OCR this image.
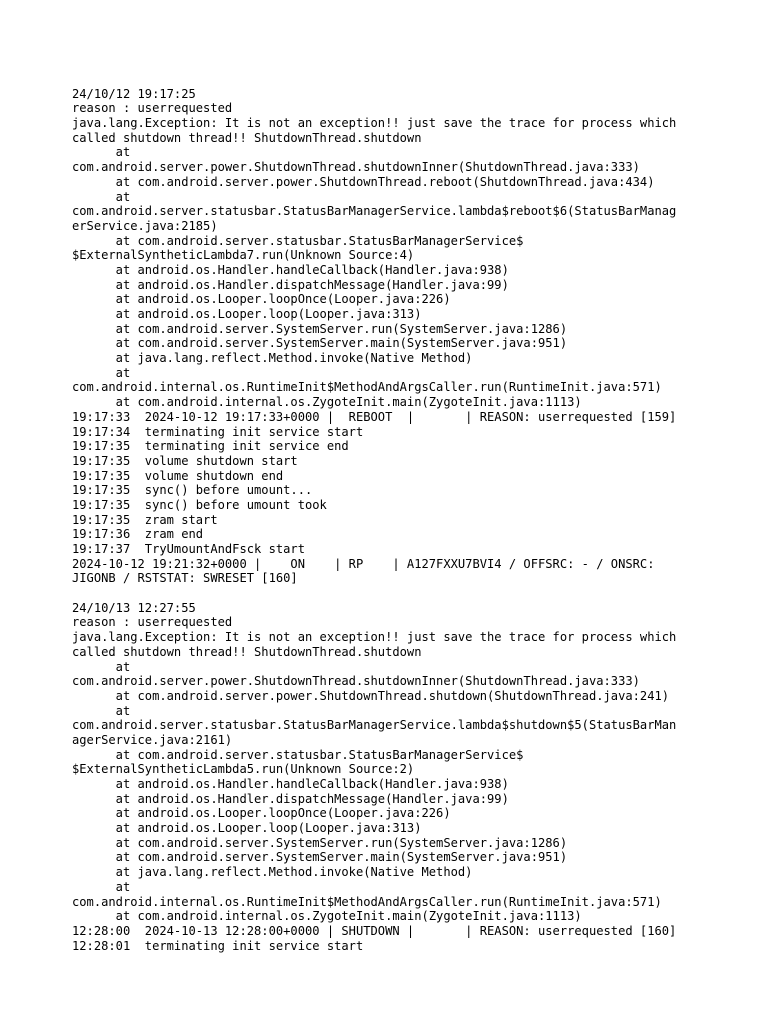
24/10/12 19:17:25
reason : userrequested
java.lang.Exception: It is not an exception!! just save the trace for process which
called shutdown thread!! ShutdownThread.shutdown
at
com.android.server.power.ShutdownThread.shutdownInner(ShutdownThread.java:333)
at com.android.server.power.ShutdownThread.reboot(ShutdownThread.java:434)
at
com.android.server.statusbar.StatusBarManagerService.lambda$reboot$6(StatusBarManag
erService.java:2185)
at com.android.server.statusbar.StatusBarManagerService$
$ExternalSyntheticLambda7.run(Unknown Source:4)
at android.os.Handler.handleCallback(Handler.java:938)
at android.os.Handler.dispatchMessage(Handler.java:99)
at android.os.Looper.loopOnce(Looper.java:226)
at android.os.Looper.loop(Looper.java:313)
at com.android.server.SystemServer.run(SystemServer.java:1286)
at com.android.server.SystemServer.main(SystemServer.java:951)
at java.lang.reflect.Method.invoke(Native Method)
at
com.android.internal.os.RuntimeInit$MethodAndArgsCaller.run(RuntimeInit.java:571)
at com.android.internal.os.ZygoteInit.main(ZygoteInit.java:1113)
19:17:33  2024-10-12 19:17:33+0000 |  REBOOT  |       | REASON: userrequested [159]
19:17:34  terminating init service start
19:17:35  terminating init service end
19:17:35  volume shutdown start
19:17:35  volume shutdown end
19:17:35  sync() before umount...
19:17:35  sync() before umount took
19:17:35  zram start
19:17:36  zram end
19:17:37  TryUmountAndFsck start
2024-10-12 19:21:32+0000 |    ON    | RP    | A127FXXU7BVI4 / OFFSRC: - / ONSRC:
JIGONB / RSTSTAT: SWRESET [160]
24/10/13 12:27:55
reason : userrequested
java.lang.Exception: It is not an exception!! just save the trace for process which
called shutdown thread!! ShutdownThread.shutdown
at
com.android.server.power.ShutdownThread.shutdownInner(ShutdownThread.java:333)
at com.android.server.power.ShutdownThread.shutdown(ShutdownThread.java:241)
at
com.android.server.statusbar.StatusBarManagerService.lambda$shutdown$5(StatusBarMan
agerService.java:2161)
at com.android.server.statusbar.StatusBarManagerService$
$ExternalSyntheticLambda5.run(Unknown Source:2)
at android.os.Handler.handleCallback(Handler.java:938)
at android.os.Handler.dispatchMessage(Handler.java:99)
at android.os.Looper.loopOnce(Looper.java:226)
at android.os.Looper.loop(Looper.java:313)
at com.android.server.SystemServer.run(SystemServer.java:1286)
at com.android.server.SystemServer.main(SystemServer.java:951)
at java.lang.reflect.Method.invoke(Native Method)
at
com.android.internal.os.RuntimeInit$MethodAndArgsCaller.run(RuntimeInit.java:571)
at com.android.internal.os.ZygoteInit.main(ZygoteInit.java:1113)
12:28:00  2024-10-13 12:28:00+0000 | SHUTDOWN |       | REASON: userrequested [160]
12:28:01  terminating init service start
